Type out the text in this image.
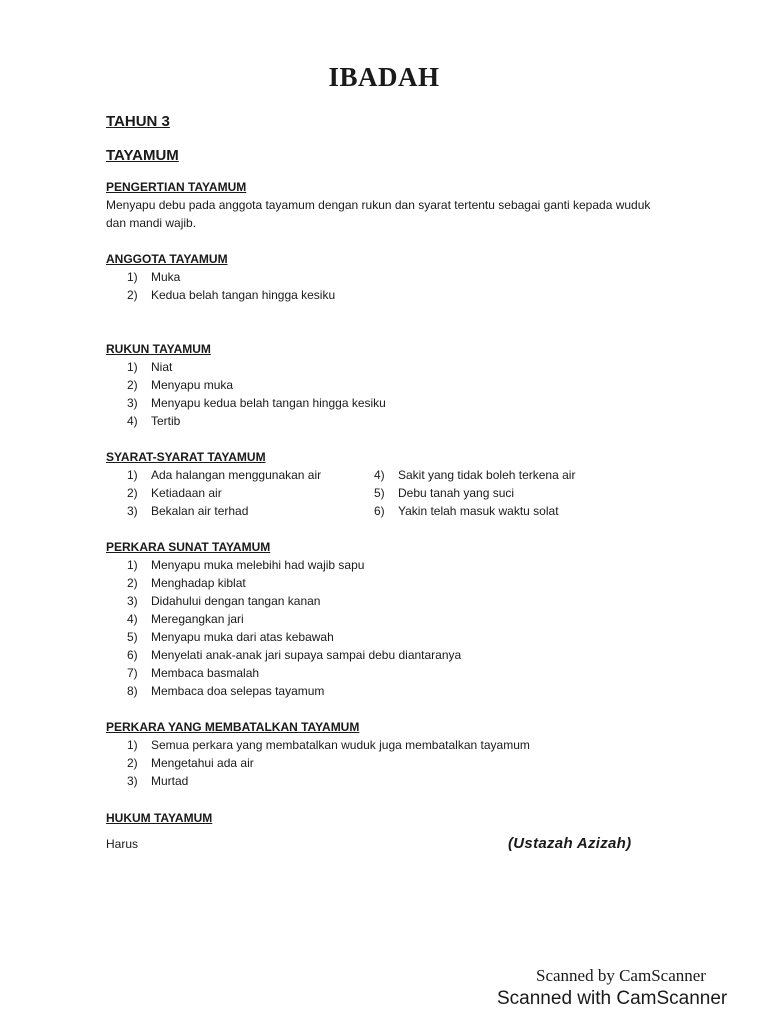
IBADAH
TAHUN 3
TAYAMUM
PENGERTIAN TAYAMUM
Menyapu debu pada anggota tayamum dengan rukun dan syarat tertentu sebagai ganti kepada wuduk dan mandi wajib.
ANGGOTA TAYAMUM
1) Muka
2) Kedua belah tangan hingga kesiku
RUKUN TAYAMUM
1) Niat
2) Menyapu muka
3) Menyapu kedua belah tangan hingga kesiku
4) Tertib
SYARAT-SYARAT TAYAMUM
1) Ada halangan menggunakan air
2) Ketiadaan air
3) Bekalan air terhad
4) Sakit yang tidak boleh terkena air
5) Debu tanah yang suci
6) Yakin telah masuk waktu solat
PERKARA SUNAT TAYAMUM
1) Menyapu muka melebihi had wajib sapu
2) Menghadap kiblat
3) Didahului dengan tangan kanan
4) Meregangkan jari
5) Menyapu muka dari atas kebawah
6) Menyelati anak-anak jari supaya sampai debu diantaranya
7) Membaca basmalah
8) Membaca doa selepas tayamum
PERKARA YANG MEMBATALKAN TAYAMUM
1) Semua perkara yang membatalkan wuduk juga membatalkan tayamum
2) Mengetahui ada air
3) Murtad
HUKUM TAYAMUM
Harus	(Ustazah Azizah)
Scanned by CamScanner
Scanned with CamScanner
